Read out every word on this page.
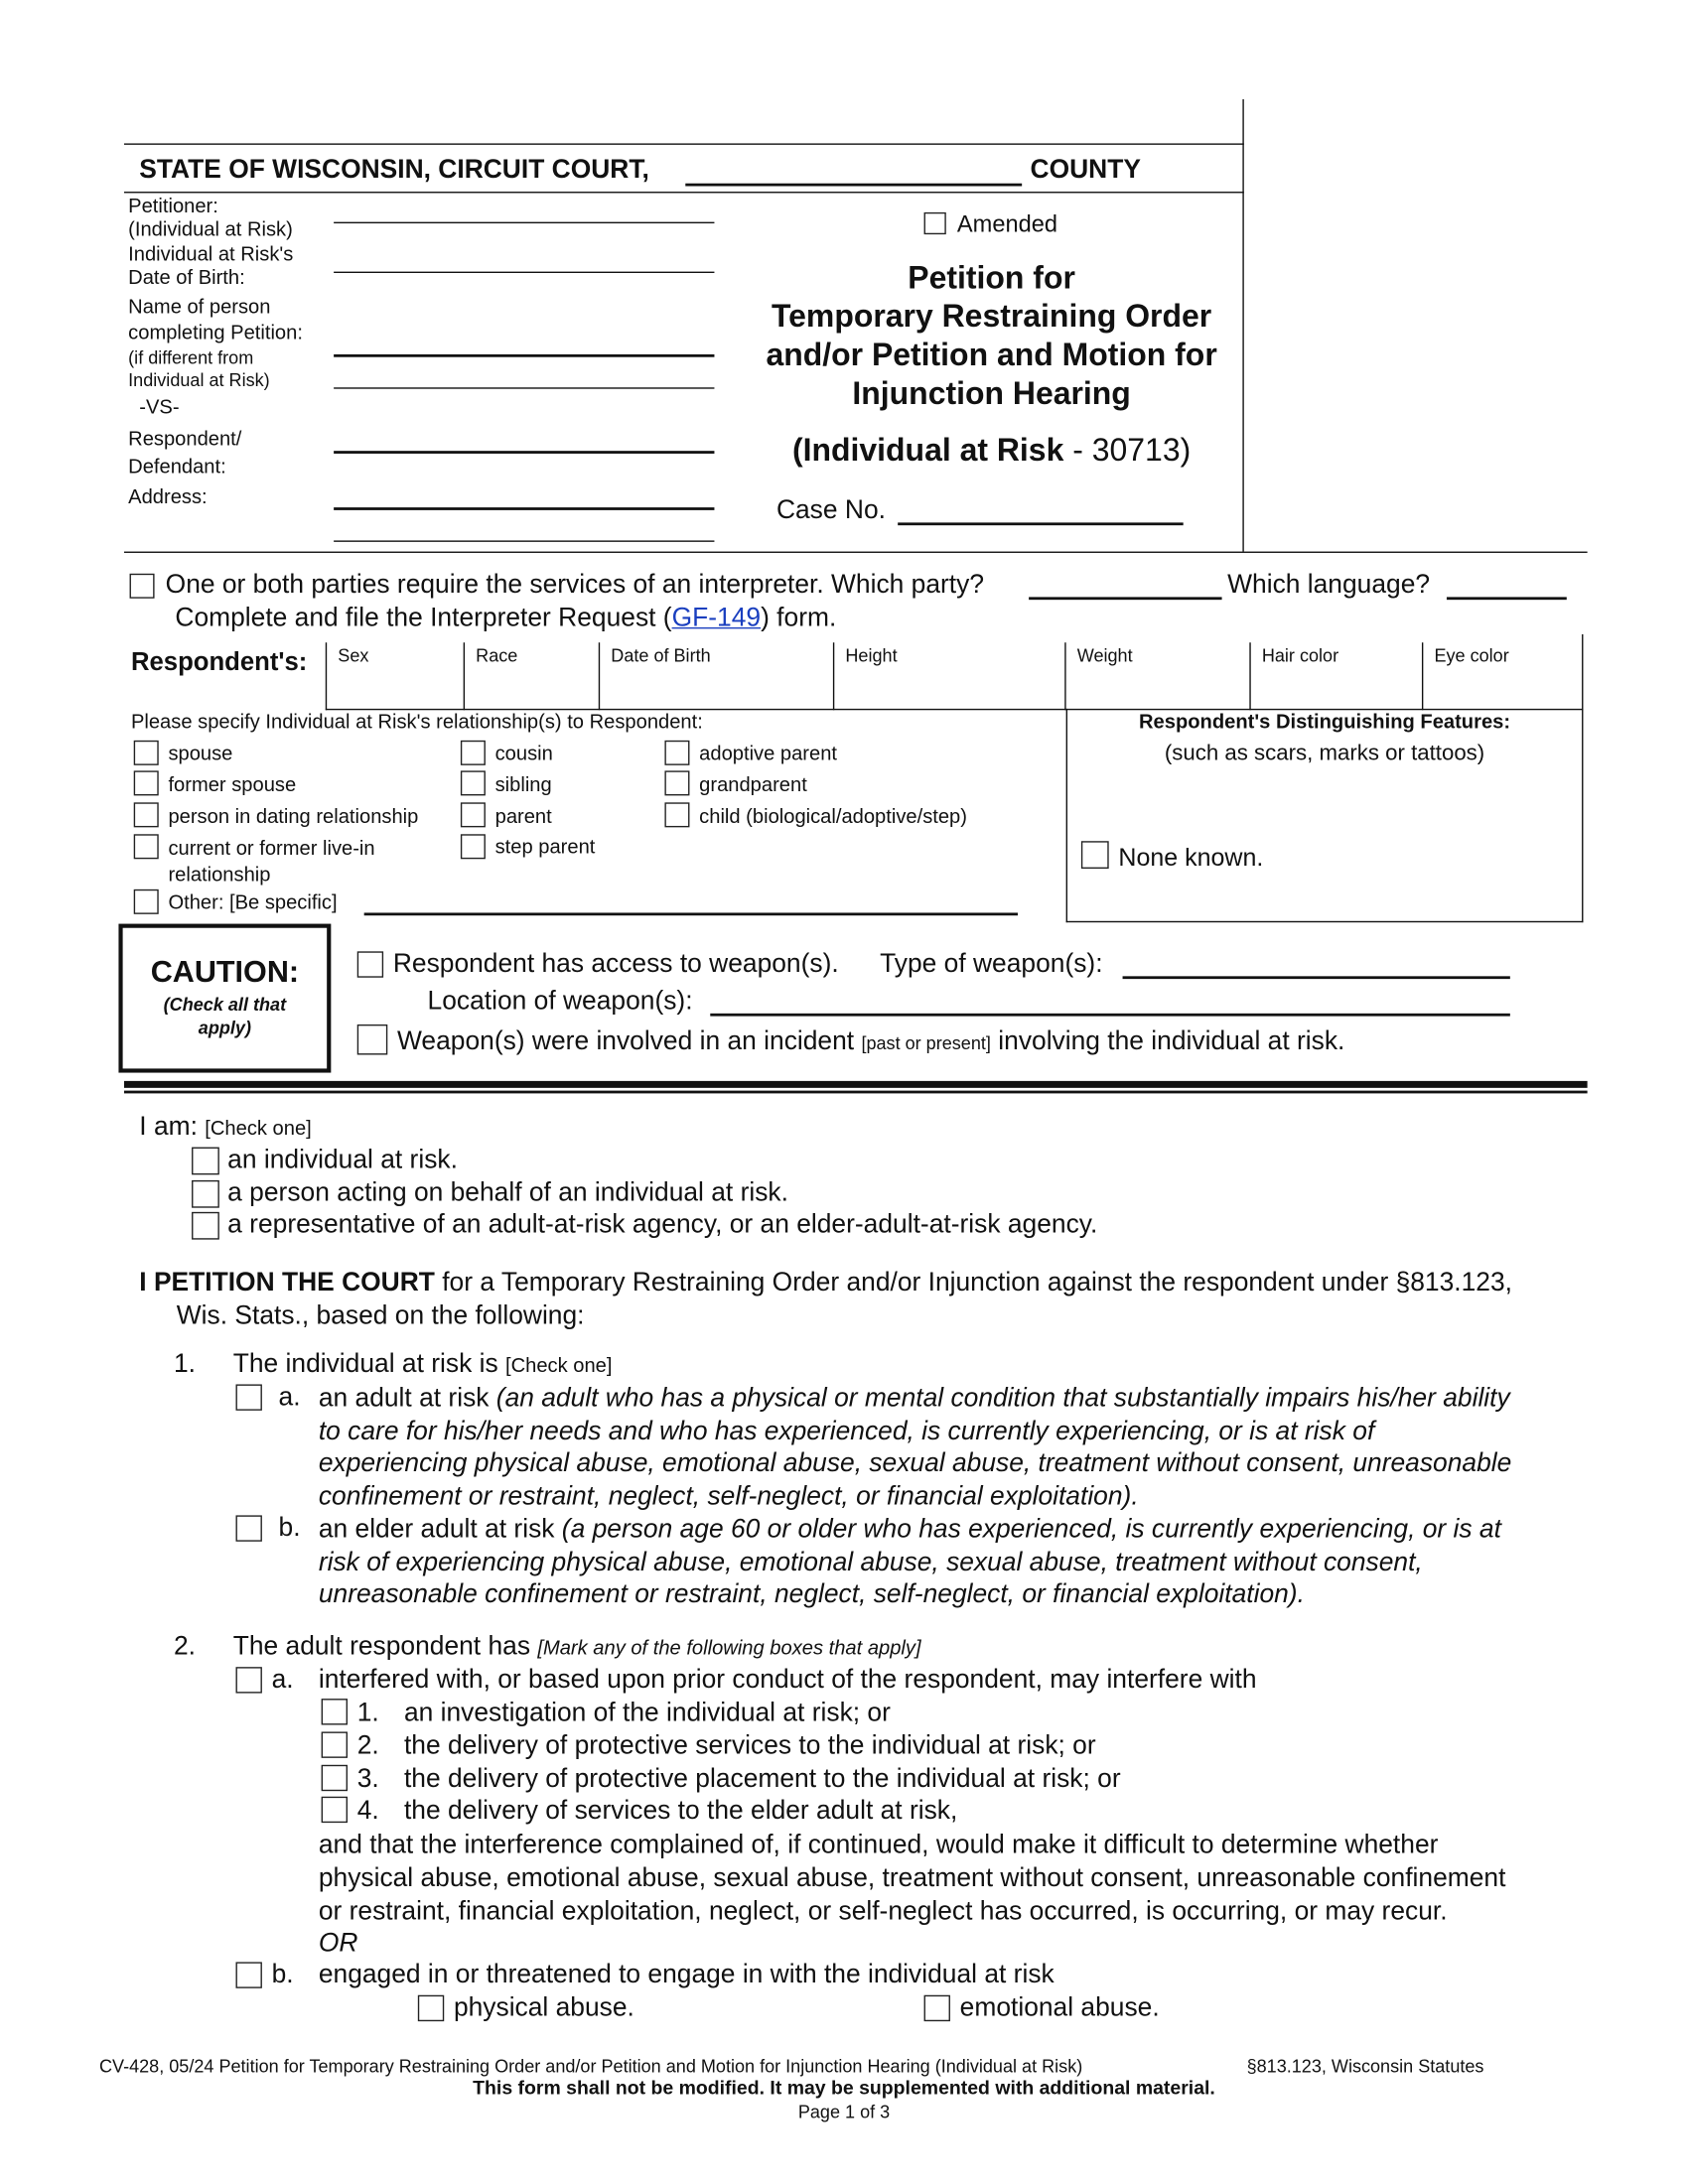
STATE OF WISCONSIN, CIRCUIT COURT,	COUNTY
Petitioner:
(Individual at Risk)
Individual at Risk's
Date of Birth:
Name of person
completing Petition:
(if different from
Individual at Risk)
-VS-
Respondent/
Defendant:
Address:
Amended
Petition for
Temporary Restraining Order
and/or Petition and Motion for
Injunction Hearing
(Individual at Risk - 30713)
Case No.
One or both parties require the services of an interpreter. Which party?	Which language?
Complete and file the Interpreter Request (GF-149) form.
Respondent's:	Sex	Race	Date of Birth	Height	Weight	Hair color	Eye color
Please specify Individual at Risk's relationship(s) to Respondent:
spouse
former spouse
person in dating relationship
current or former live-in
relationship
cousin
sibling
parent
step parent
adoptive parent
grandparent
child (biological/adoptive/step)
Other: [Be specific]
Respondent's Distinguishing Features:
(such as scars, marks or tattoos)
None known.
CAUTION:
(Check all that
apply)
Respondent has access to weapon(s). Type of weapon(s):
Location of weapon(s):
Weapon(s) were involved in an incident [past or present] involving the individual at risk.
I am: [Check one]
an individual at risk.
a person acting on behalf of an individual at risk.
a representative of an adult-at-risk agency, or an elder-adult-at-risk agency.
I PETITION THE COURT for a Temporary Restraining Order and/or Injunction against the respondent under §813.123,
Wis. Stats., based on the following:
1. The individual at risk is [Check one]
a. an adult at risk (an adult who has a physical or mental condition that substantially impairs his/her ability
to care for his/her needs and who has experienced, is currently experiencing, or is at risk of
experiencing physical abuse, emotional abuse, sexual abuse, treatment without consent, unreasonable
confinement or restraint, neglect, self-neglect, or financial exploitation).
b. an elder adult at risk (a person age 60 or older who has experienced, is currently experiencing, or is at
risk of experiencing physical abuse, emotional abuse, sexual abuse, treatment without consent,
unreasonable confinement or restraint, neglect, self-neglect, or financial exploitation).
2. The adult respondent has [Mark any of the following boxes that apply]
a. interfered with, or based upon prior conduct of the respondent, may interfere with
1. an investigation of the individual at risk; or
2. the delivery of protective services to the individual at risk; or
3. the delivery of protective placement to the individual at risk; or
4. the delivery of services to the elder adult at risk,
and that the interference complained of, if continued, would make it difficult to determine whether
physical abuse, emotional abuse, sexual abuse, treatment without consent, unreasonable confinement
or restraint, financial exploitation, neglect, or self-neglect has occurred, is occurring, or may recur.
OR
b. engaged in or threatened to engage in with the individual at risk
physical abuse.	emotional abuse.
CV-428, 05/24 Petition for Temporary Restraining Order and/or Petition and Motion for Injunction Hearing (Individual at Risk)	§813.123, Wisconsin Statutes
This form shall not be modified. It may be supplemented with additional material.
Page 1 of 3
